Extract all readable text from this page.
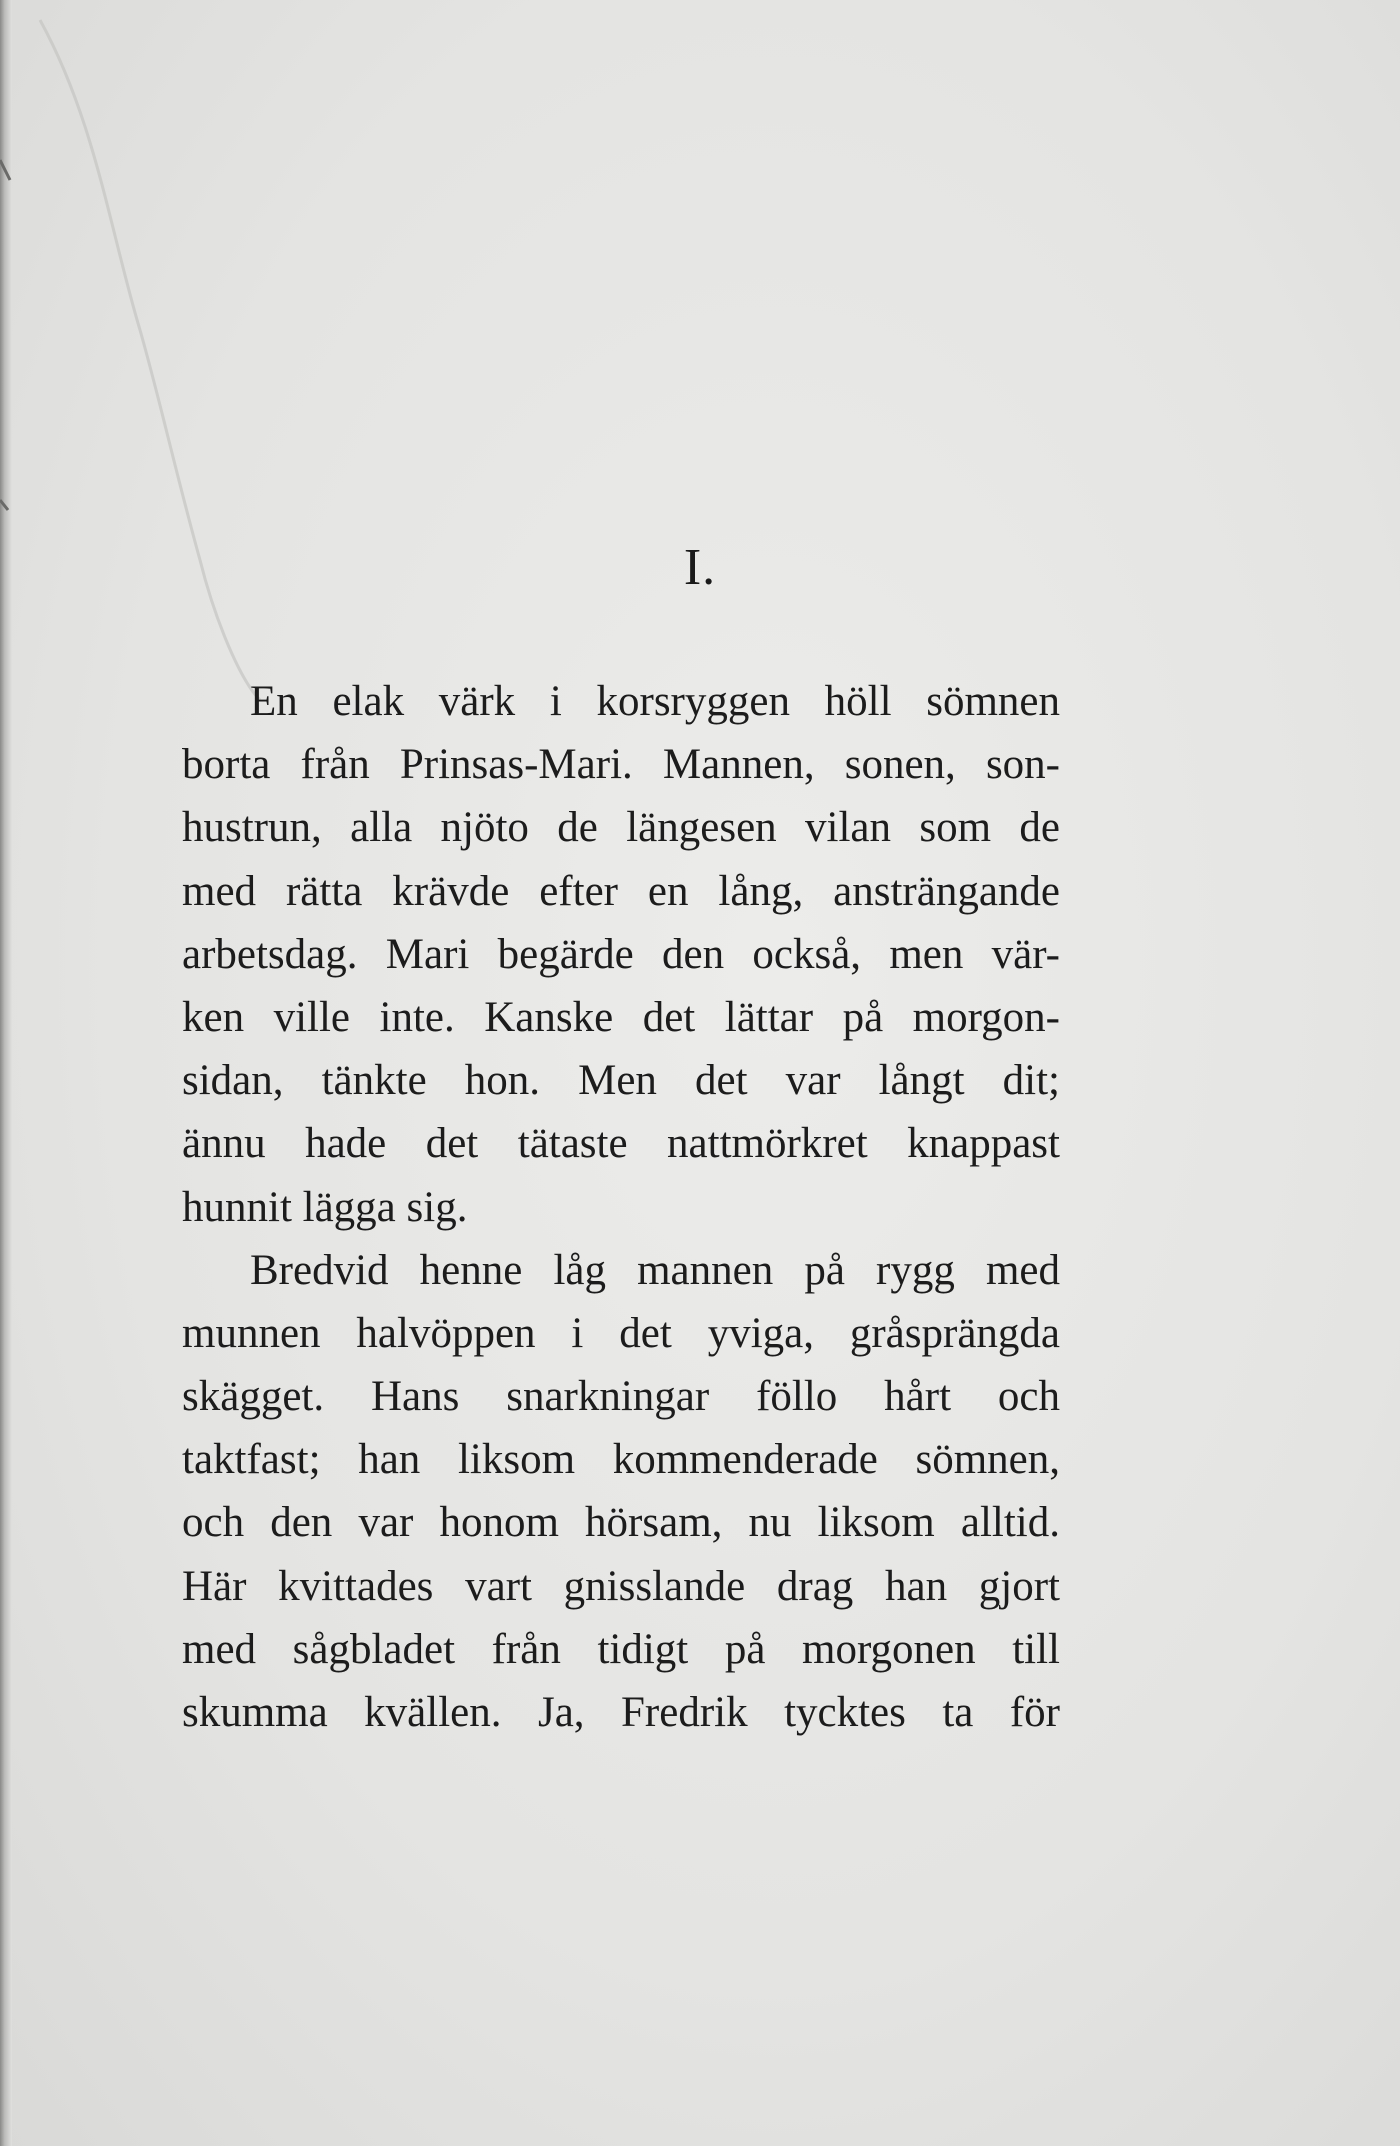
I.
En elak värk i korsryggen höll sömnen
borta från Prinsas-Mari. Mannen, sonen, son-
hustrun, alla njöto de längesen vilan som de
med rätta krävde efter en lång, ansträngande
arbetsdag. Mari begärde den också, men vär-
ken ville inte. Kanske det lättar på morgon-
sidan, tänkte hon. Men det var långt dit;
ännu hade det tätaste nattmörkret knappast
hunnit lägga sig.
Bredvid henne låg mannen på rygg med
munnen halvöppen i det yviga, gråsprängda
skägget. Hans snarkningar föllo hårt och
taktfast; han liksom kommenderade sömnen,
och den var honom hörsam, nu liksom alltid.
Här kvittades vart gnisslande drag han gjort
med sågbladet från tidigt på morgonen till
skumma kvällen. Ja, Fredrik tycktes ta för
